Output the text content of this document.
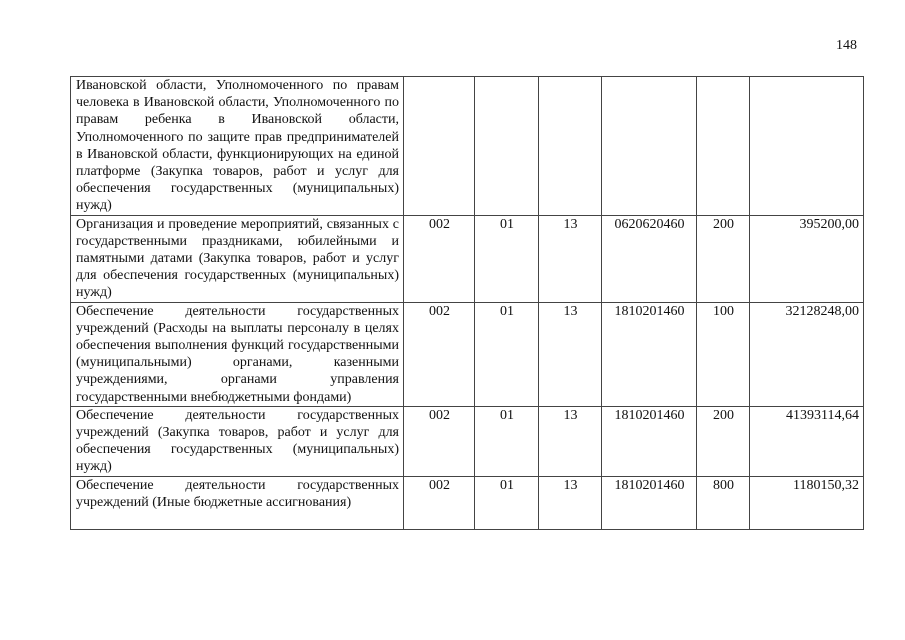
148
Ивановской области, Уполномоченного по правам человека в Ивановской области, Уполномоченного по правам ребенка в Ивановской области, Уполномоченного по защите прав предпринимателей в Ивановской области, функционирующих на единой платформе (Закупка товаров, работ и услуг для обеспечения государственных (муниципальных) нужд)						
Организация и проведение мероприятий, связанных с государственными праздниками, юбилейными и памятными датами (Закупка товаров, работ и услуг для обеспечения государственных (муниципальных) нужд)	002	01	13	0620620460	200	395200,00
Обеспечение деятельности государственных учреждений (Расходы на выплаты персоналу в целях обеспечения выполнения функций государственными (муниципальными) органами, казенными учреждениями, органами управления государственными внебюджетными фондами)	002	01	13	1810201460	100	32128248,00
Обеспечение деятельности государственных учреждений (Закупка товаров, работ и услуг для обеспечения государственных (муниципальных) нужд)	002	01	13	1810201460	200	41393114,64
Обеспечение деятельности государственных учреждений (Иные бюджетные ассигнования)	002	01	13	1810201460	800	1180150,32
